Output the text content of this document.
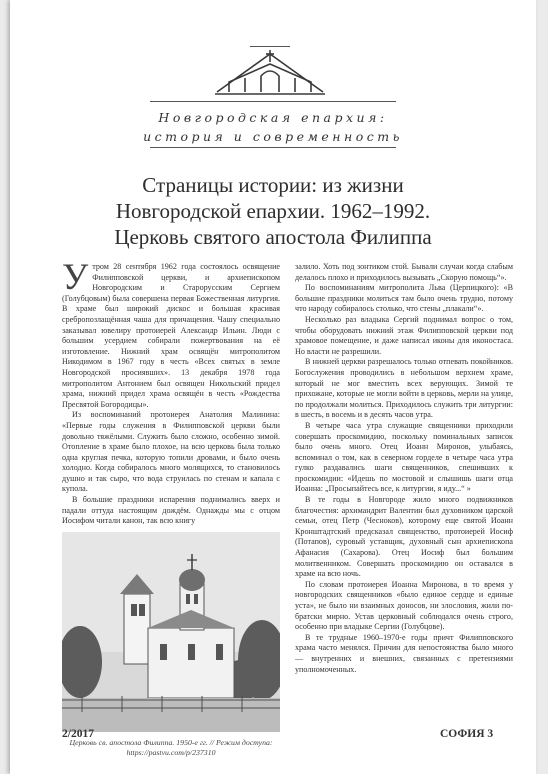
Новгородская епархия:
история и современность
Страницы истории: из жизни
Новгородской епархии. 1962–1992.
Церковь святого апостола Филиппа

Утром 28 сентября 1962 года состоялось освящение Филипповской церкви, и архиепископом Новгородским и Старорусским Сергием (Голубцовым) была совершена первая Божественная литургия. В храме был широкий дискос и большая красивая сребропозлащённая чаша для причащения. Чашу специально заказывал ювелиру протоиерей Александр Ильин. Люди с большим усердием собирали пожертвования на её изготовление. Нижний храм освящён митрополитом Никодимом в 1967 году в честь «Всех святых в земле Новгородской просиявших». 13 декабря 1978 года митрополитом Антонием был освящен Никольский придел храма, нижний придел храма освящён в честь «Рождества Пресвятой Богородицы».

Из воспоминаний протоиерея Анатолия Малинина: «Первые годы служения в Филипповской церкви были довольно тяжёлыми. Служить было сложно, особенно зимой. Отопление в храме было плохое, на всю церковь была только одна круглая печка, которую топили дровами, и было очень холодно. Когда собиралось много молящихся, то становилось душно и так сыро, что вода струилась по стенам и капала с купола.

В большие праздники испарения поднимались вверх и падали оттуда настоящим дождём. Однажды мы с отцом Иосифом читали канон, так всю книгу

Церковь св. апостола Филиппа. 1950-е гг. // Режим доступа: https://pastvu.com/p/237310

залило. Хоть под зонтиком стой. Бывали случаи когда слабым делалось плохо и приходилось вызывать „Скорую помощь“».

По воспоминаниям митрополита Льва (Церпицкого): «В большие праздники молиться там было очень трудно, потому что народу собиралось столько, что стены „плакали“».

Несколько раз владыка Сергий поднимал вопрос о том, чтобы оборудовать нижний этаж Филипповской церкви под храмовое помещение, и даже написал иконы для иконостаса. Но власти не разрешили.

В нижней церкви разрешалось только отпевать покойников. Богослужения проводились в небольшом верхнем храме, который не мог вместить всех верующих. Зимой те прихожане, которые не могли войти в церковь, мерли на улице, по продолжали молиться. Приходилось служить три литургии: в шесть, в восемь и в десять часов утра.

В четыре часа утра служащие священники приходили совершать проскомидию, поскольку поминальных записок было очень много. Отец Иоанн Миронов, улыбаясь, вспоминал о том, как в северном горделе в четыре часа утра гулко раздавались шаги священников, спешивших к проскомидии: «Идешь по мостовой и слышишь шаги отца Иоанна: „Просыпайтесь все, к литургии, я иду...“ »

В те годы в Новгороде жило много подвижников благочестия: архимандрит Валентин был духовником царской семьи, отец Петр (Чесноков), которому еще святой Иоанн Кронштадтский предсказал священство, протоиерей Иосиф (Потапов), суровый уставщик, духовный сын архиепископа Афанасия (Сахарова). Отец Иосиф был большим молитвенником. Совершать проскомидию он оставался в храме на всю ночь.

По словам протоиерея Иоанна Миронова, в то время у новгородских священников «было единое сердце и единые уста», не было ни взаимных доносов, ни злословия, жили по-братски мирно. Устав церковный соблюдался очень строго, особенно при владыке Сергии (Голубцове).

В те трудные 1960–1970-е годы причт Филипповского храма часто менялся. Причин для непостоянства было много — внутренних и внешних, связанных с претензиями уполномоченных.

2/2017	СОФИЯ 3
